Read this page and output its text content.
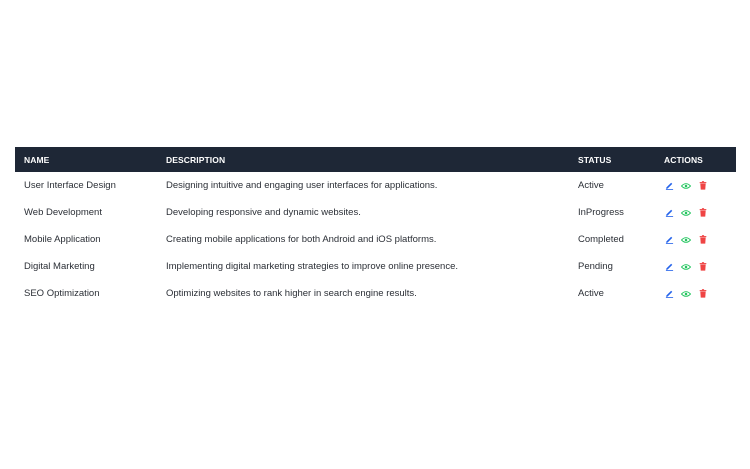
NAME	DESCRIPTION	STATUS	ACTIONS
User Interface Design	Designing intuitive and engaging user interfaces for applications.	Active	

Web Development	Developing responsive and dynamic websites.	InProgress	

Mobile Application	Creating mobile applications for both Android and iOS platforms.	Completed	

Digital Marketing	Implementing digital marketing strategies to improve online presence.	Pending	

SEO Optimization	Optimizing websites to rank higher in search engine results.	Active	
